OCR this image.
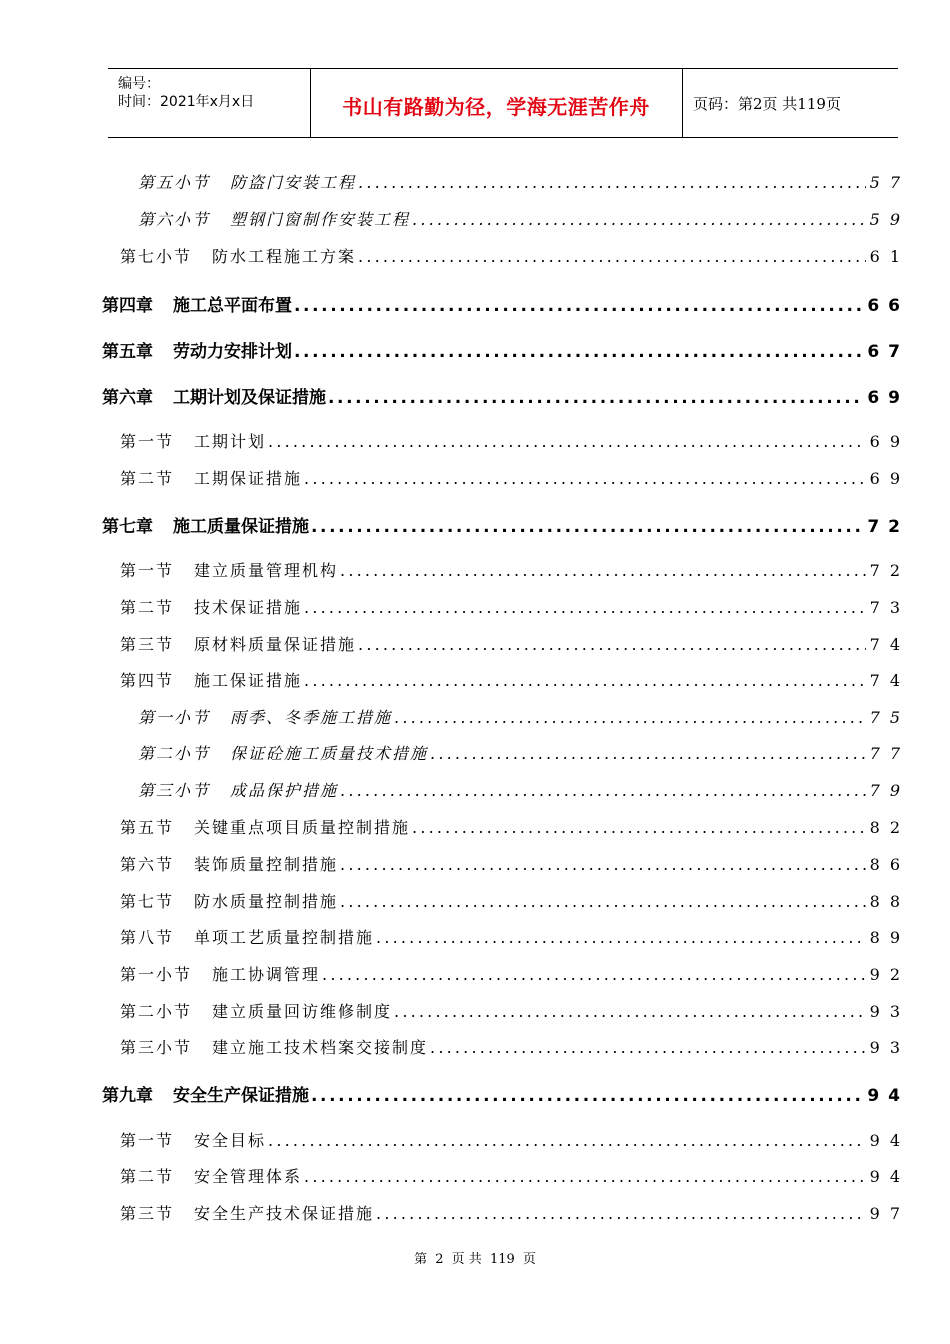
编号：
时间：2021年x月x日	书山有路勤为径，学海无涯苦作舟	页码：第2页 共119页
第五小节 防盗门安装工程 .....	57
第六小节 塑钢门窗制作安装工程 .....	59
第七小节 防水工程施工方案 .....	61
第四章 施工总平面布置 .....	66
第五章 劳动力安排计划 .....	67
第六章 工期计划及保证措施 .....	69
第一节 工期计划 .....	69
第二节 工期保证措施 .....	69
第七章 施工质量保证措施 .....	72
第一节 建立质量管理机构 .....	72
第二节 技术保证措施 .....	73
第三节 原材料质量保证措施 .....	74
第四节 施工保证措施 .....	74
第一小节 雨季、冬季施工措施 .....	75
第二小节 保证砼施工质量技术措施 .....	77
第三小节 成品保护措施 .....	79
第五节 关键重点项目质量控制措施 .....	82
第六节 装饰质量控制措施 .....	86
第七节 防水质量控制措施 .....	88
第八节 单项工艺质量控制措施 .....	89
第一小节 施工协调管理 .....	92
第二小节 建立质量回访维修制度 .....	93
第三小节 建立施工技术档案交接制度 .....	93
第九章 安全生产保证措施 .....	94
第一节 安全目标 .....	94
第二节 安全管理体系 .....	94
第三节 安全生产技术保证措施 .....	97
第 2 页 共 119 页
